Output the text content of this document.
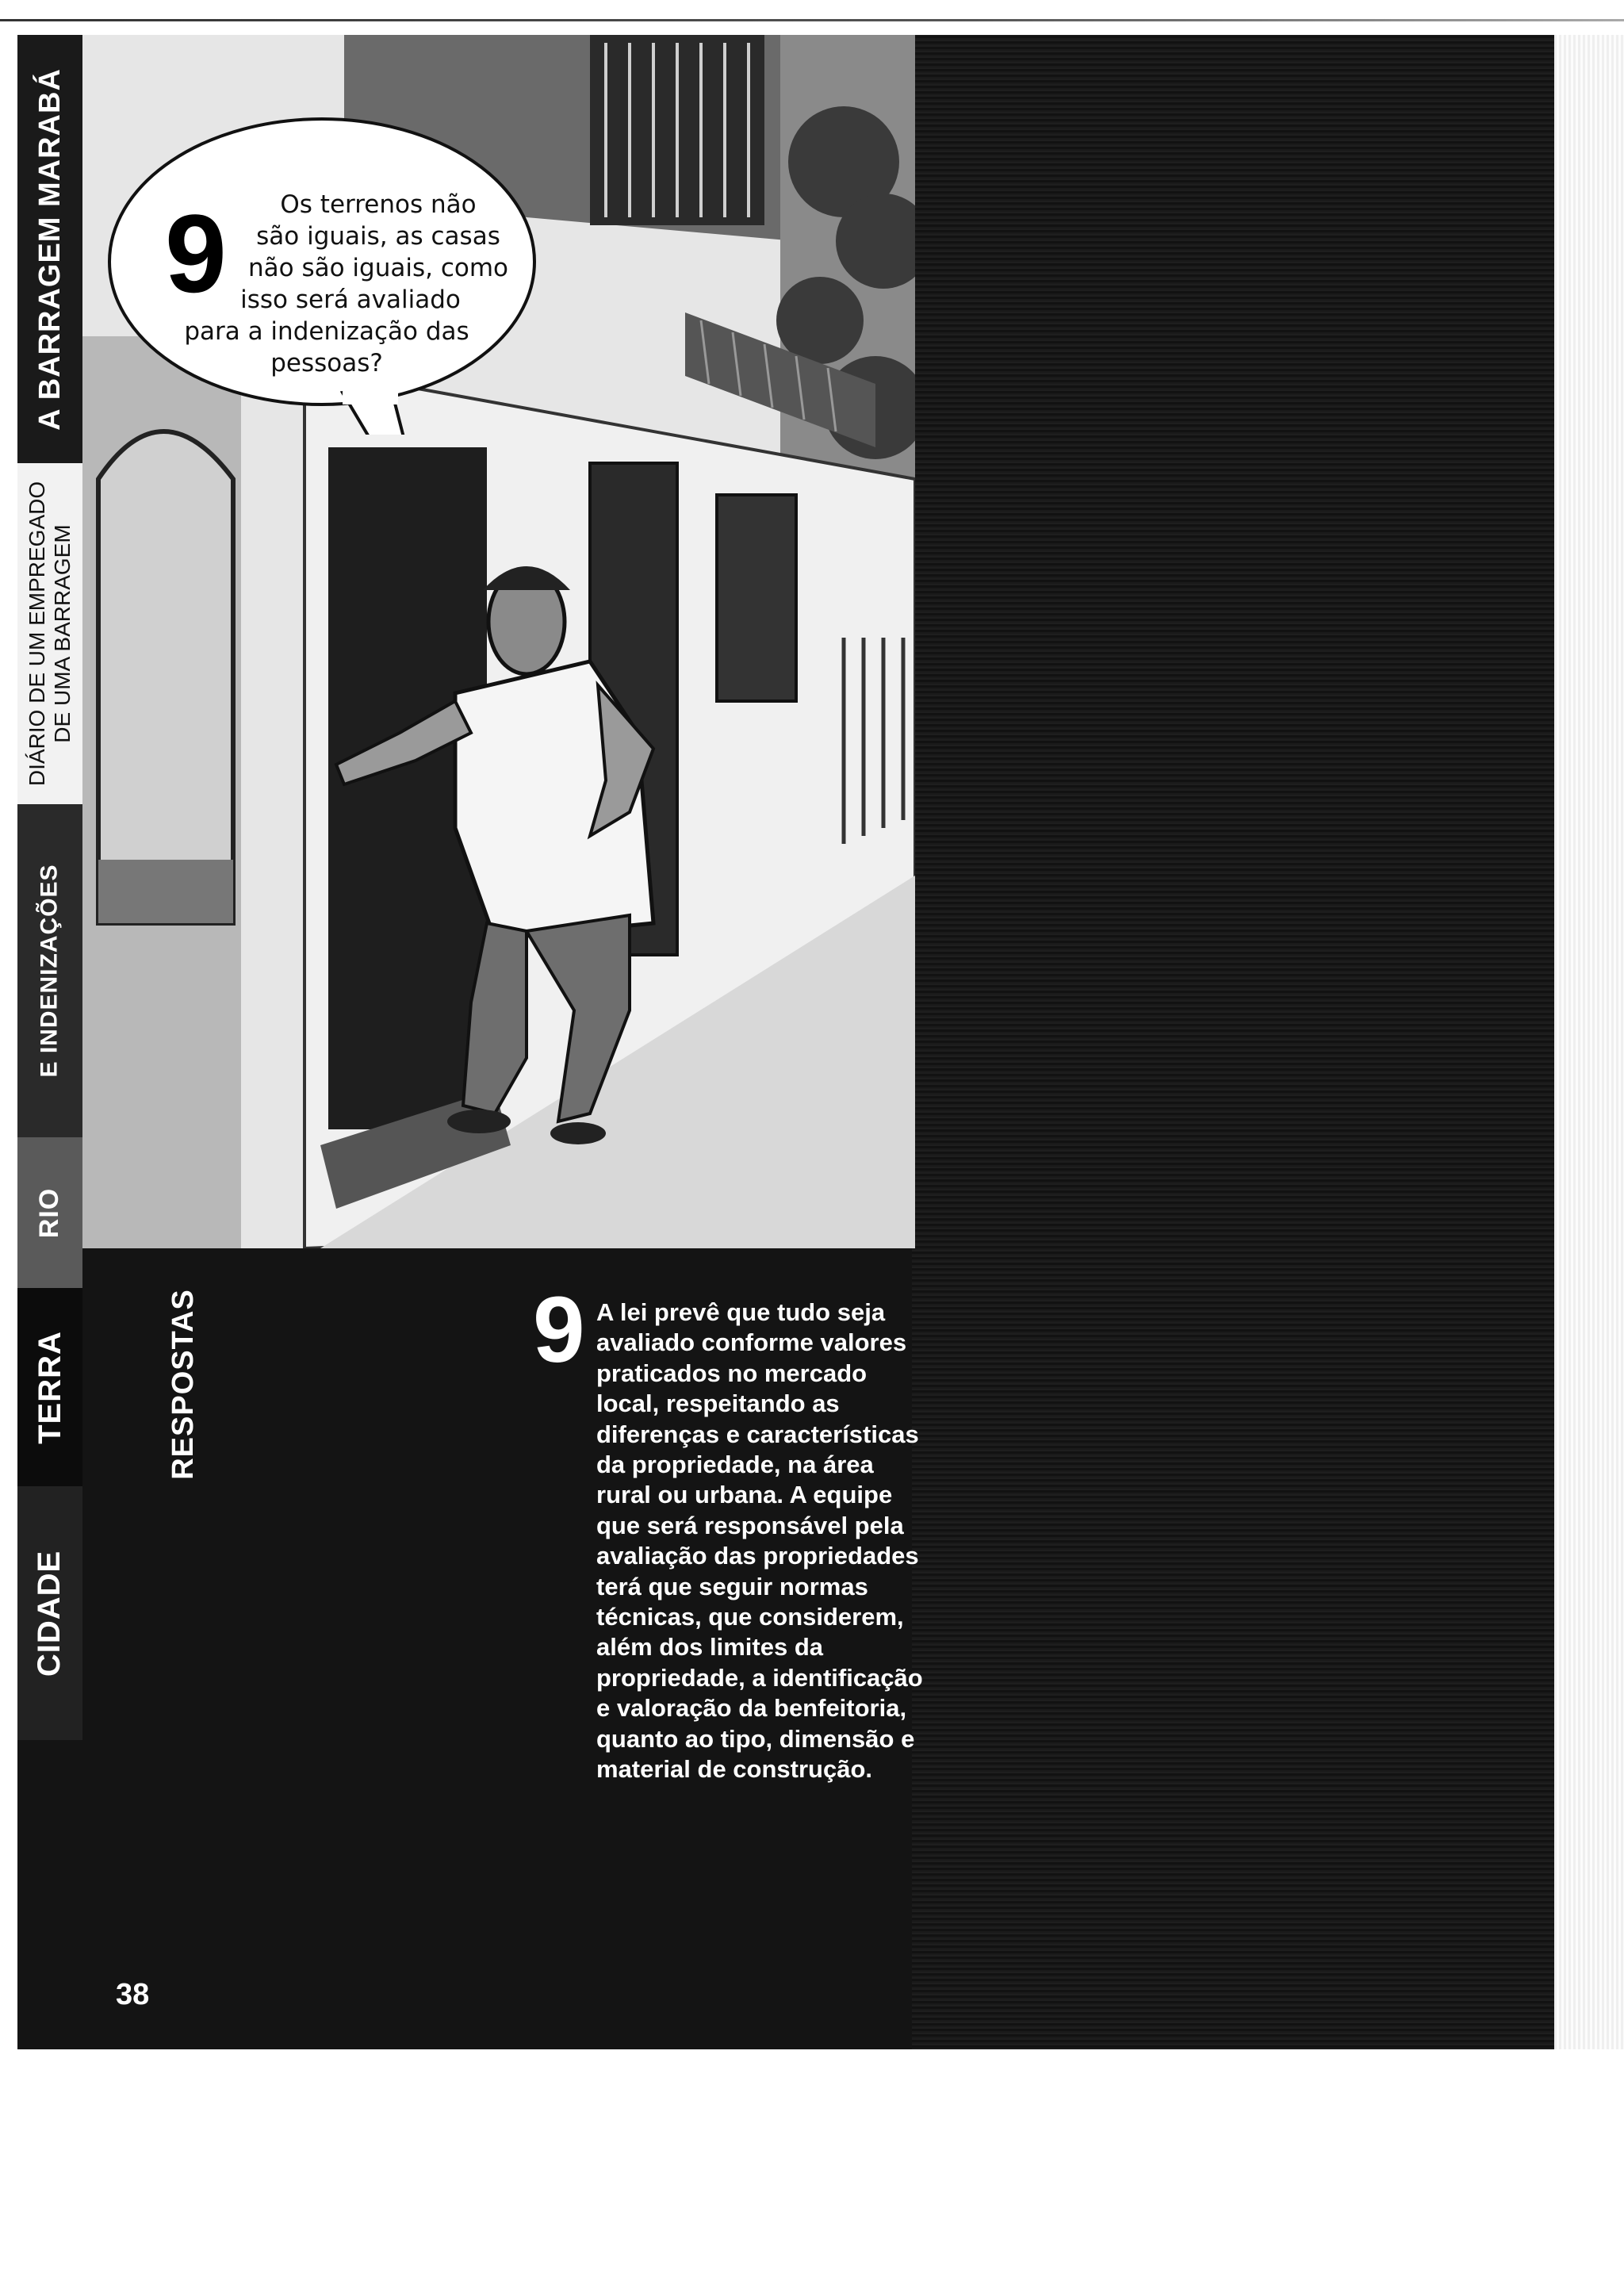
A BARRAGEM MARABÁ
DIÁRIO DE UM EMPREGADO DE UMA BARRAGEM
E INDENIZAÇÕES
RIO
TERRA
CIDADE
9	Os terrenos não
são iguais, as casas
não são iguais, como
isso será avaliado
para a indenização das
pessoas?
RESPOSTAS	9 A lei prevê que tudo seja
avaliado conforme valores
praticados no mercado
local, respeitando as
diferenças e características
da propriedade, na área
rural ou urbana. A equipe
que será responsável pela
avaliação das propriedades
terá que seguir normas
técnicas, que considerem,
além dos limites da
propriedade, a identificação
e valoração da benfeitoria,
quanto ao tipo, dimensão e
material de construção.
38
